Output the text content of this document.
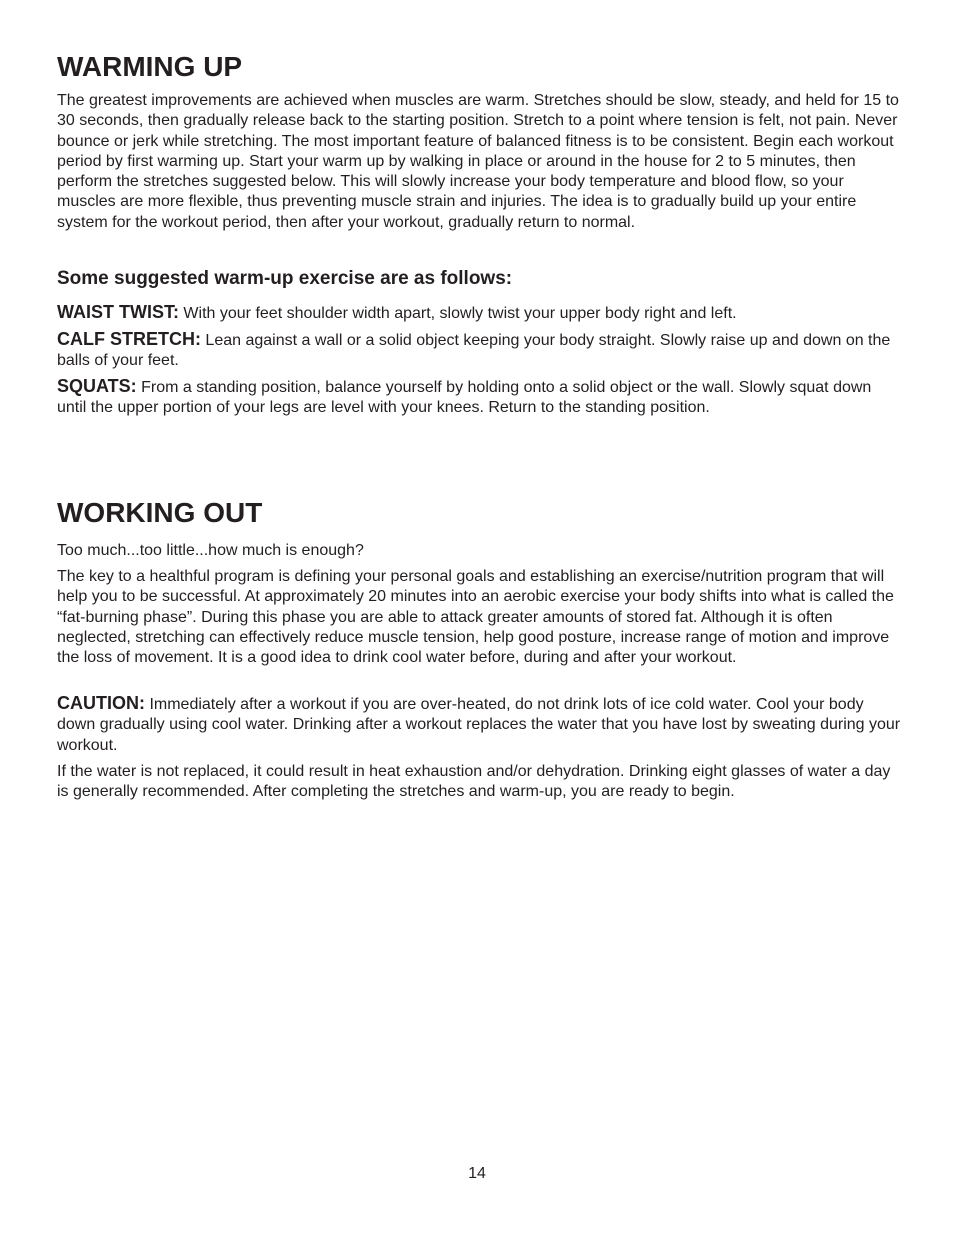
WARMING UP

The greatest improvements are achieved when muscles are warm. Stretches should be slow, steady, and held for 15 to 30 seconds, then gradually release back to the starting position. Stretch to a point where tension is felt, not pain. Never bounce or jerk while stretching. The most important feature of balanced fitness is to be consistent. Begin each workout period by first warming up. Start your warm up by walking in place or around in the house for 2 to 5 minutes, then perform the stretches suggested below. This will slowly increase your body temperature and blood flow, so your muscles are more flexible, thus preventing muscle strain and injuries. The idea is to gradually build up your entire system for the workout period, then after your workout, gradually return to normal.

Some suggested warm-up exercise are as follows:

WAIST TWIST: With your feet shoulder width apart, slowly twist your upper body right and left.

CALF STRETCH: Lean against a wall or a solid object keeping your body straight. Slowly raise up and down on the balls of your feet.

SQUATS: From a standing position, balance yourself by holding onto a solid object or the wall. Slowly squat down until the upper portion of your legs are level with your knees. Return to the standing position.

WORKING OUT

Too much...too little...how much is enough?

The key to a healthful program is defining your personal goals and establishing an exercise/nutrition program that will help you to be successful. At approximately 20 minutes into an aerobic exercise your body shifts into what is called the “fat-burning phase”. During this phase you are able to attack greater amounts of stored fat. Although it is often neglected, stretching can effectively reduce muscle tension, help good posture, increase range of motion and improve the loss of movement. It is a good idea to drink cool water before, during and after your workout.

CAUTION: Immediately after a workout if you are over-heated, do not drink lots of ice cold water. Cool your body down gradually using cool water. Drinking after a workout replaces the water that you have lost by sweating during your workout.

If the water is not replaced, it could result in heat exhaustion and/or dehydration. Drinking eight glasses of water a day is generally recommended. After completing the stretches and warm-up, you are ready to begin.

14
